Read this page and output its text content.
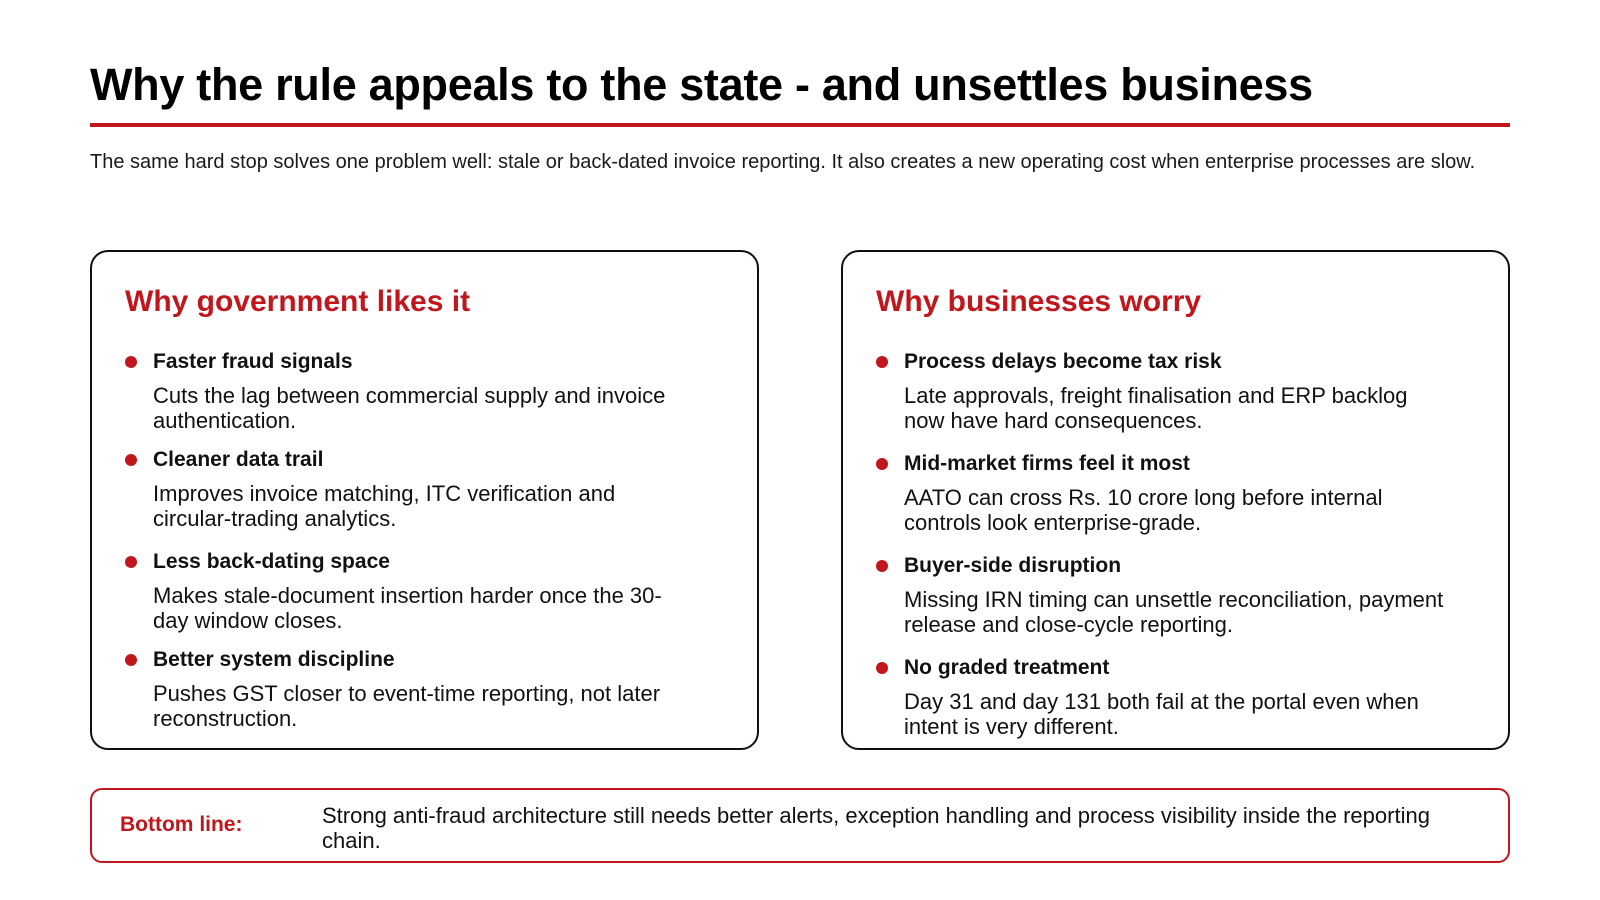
Why the rule appeals to the state - and unsettles business

The same hard stop solves one problem well: stale or back-dated invoice reporting. It also creates a new operating cost when enterprise processes are slow.

Why government likes it
Faster fraud signals
Cuts the lag between commercial supply and invoice authentication.
Cleaner data trail
Improves invoice matching, ITC verification and circular-trading analytics.
Less back-dating space
Makes stale-document insertion harder once the 30-day window closes.
Better system discipline
Pushes GST closer to event-time reporting, not later reconstruction.
Why businesses worry
Process delays become tax risk
Late approvals, freight finalisation and ERP backlog now have hard consequences.
Mid-market firms feel it most
AATO can cross Rs. 10 crore long before internal controls look enterprise-grade.
Buyer-side disruption
Missing IRN timing can unsettle reconciliation, payment release and close-cycle reporting.
No graded treatment
Day 31 and day 131 both fail at the portal even when intent is very different.
Bottom line:	Strong anti-fraud architecture still needs better alerts, exception handling and process visibility inside the reporting chain.
